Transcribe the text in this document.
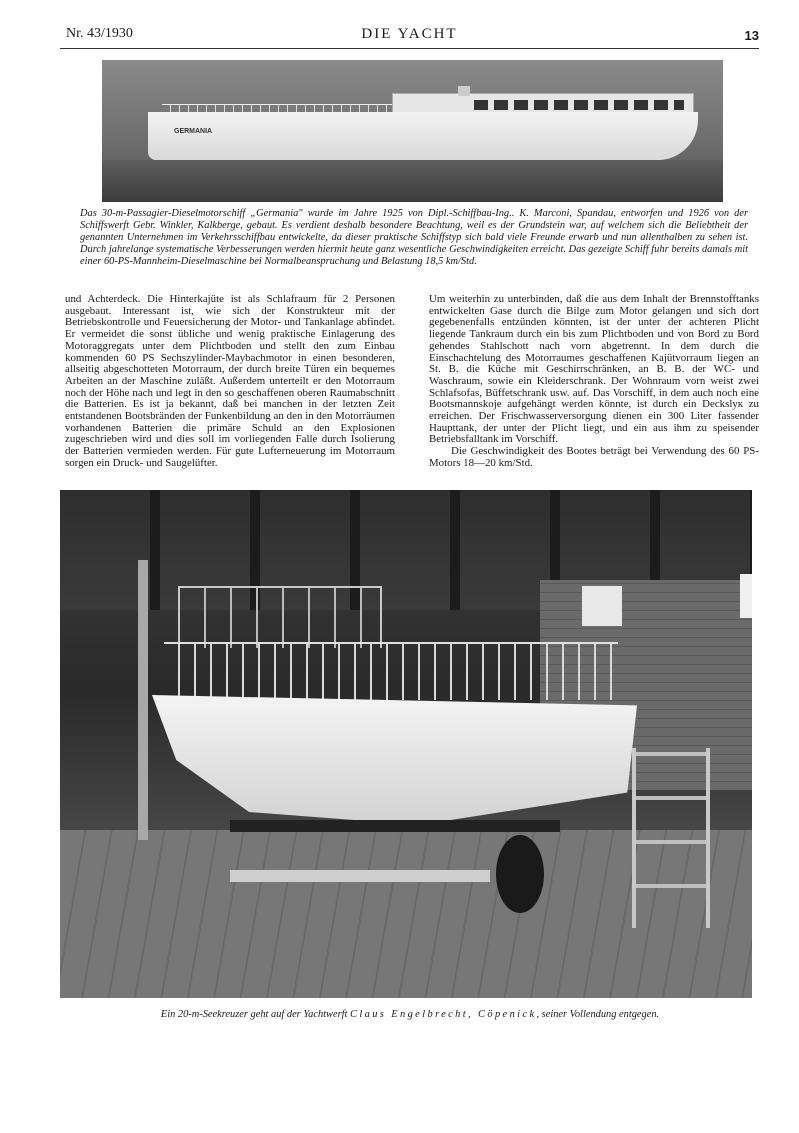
Nr. 43/1930	DIE YACHT	13
GERMANIA

Das 30-m-Passagier-Dieselmotorschiff „Germania" wurde im Jahre 1925 von Dipl.-Schiffbau-Ing.. K. Marconi, Spandau, entworfen und 1926 von der Schiffswerft Gebr. Winkler, Kalkberge, gebaut. Es verdient deshalb besondere Beachtung, weil es der Grundstein war, auf welchem sich die Beliebtheit der genannten Unternehmen im Verkehrsschiffbau entwickelte, da dieser praktische Schiffstyp sich bald viele Freunde erwarb und nun allenthalben zu sehen ist. Durch jahrelange systematische Verbesserungen werden hiermit heute ganz wesentliche Geschwindigkeiten erreicht. Das gezeigte Schiff fuhr bereits damals mit einer 60-PS-Mannheim-Dieselmaschine bei Normalbeanspruchung und Belastung 18,5 km/Std.

und Achterdeck. Die Hinterkajüte ist als Schlafraum für 2 Personen ausgebaut. Interessant ist, wie sich der Konstrukteur mit der Betriebskontrolle und Feuersicherung der Motor- und Tankanlage abfindet. Er vermeidet die sonst übliche und wenig praktische Einlagerung des Motoraggregats unter dem Plichtboden und stellt den zum Einbau kommenden 60 PS Sechszylinder-Maybachmotor in einen besonderen, allseitig abgeschotteten Motorraum, der durch breite Türen ein bequemes Arbeiten an der Maschine zuläßt. Außerdem unterteilt er den Motorraum noch der Höhe nach und legt in den so geschaffenen oberen Raumabschnitt die Batterien. Es ist ja bekannt, daß bei manchen in der letzten Zeit entstandenen Bootsbränden der Funkenbildung an den in den Motorräumen vorhandenen Batterien die primäre Schuld an den Explosionen zugeschrieben wird und dies soll im vorliegenden Falle durch Isolierung der Batterien vermieden werden. Für gute Lufterneuerung im Motorraum sorgen ein Druck- und Saugelüfter.

Um weiterhin zu unterbinden, daß die aus dem Inhalt der Brennstofftanks entwickelten Gase durch die Bilge zum Motor gelangen und sich dort gegebenenfalls entzünden könnten, ist der unter der achteren Plicht liegende Tankraum durch ein bis zum Plichtboden und von Bord zu Bord gehendes Stahlschott nach vorn abgetrennt. In dem durch die Einschachtelung des Motorraumes geschaffenen Kajütvorraum liegen an St. B. die Küche mit Geschirrschränken, an B. B. der WC- und Waschraum, sowie ein Kleiderschrank. Der Wohnraum vorn weist zwei Schlafsofas, Büffetschrank usw. auf. Das Vorschiff, in dem auch noch eine Bootsmannskoje aufgehängt werden könnte, ist durch ein Deckslук zu erreichen. Der Frischwasserversorgung dienen ein 300 Liter fassender Haupttank, der unter der Plicht liegt, und ein aus ihm zu speisender Betriebsfalltank im Vorschiff.

Die Geschwindigkeit des Bootes beträgt bei Verwendung des 60 PS-Motors 18—20 km/Std.

Ein 20-m-Seekreuzer geht auf der Yachtwerft Claus Engelbrecht, Cöpenick, seiner Vollendung entgegen.
